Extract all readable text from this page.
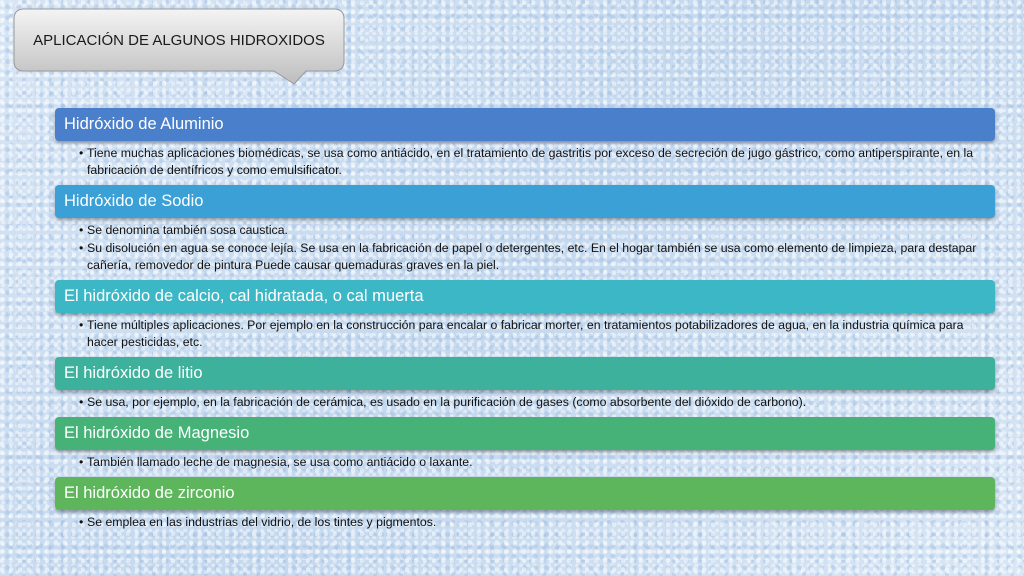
APLICACIÓN DE ALGUNOS HIDROXIDOS
Hidróxido de Aluminio
• Tiene muchas aplicaciones biomédicas, se usa como antiácido, en el tratamiento de gastritis por exceso de secreción de jugo gástrico, como antiperspirante, en la fabricación de dentífricos y como emulsificator.
Hidróxido de Sodio
• Se denomina también sosa caustica.
• Su disolución en agua se conoce lejía. Se usa en la fabricación de papel o detergentes, etc. En el hogar también se usa como elemento de limpieza, para destapar cañería, removedor de pintura Puede causar quemaduras graves en la piel.
El hidróxido de calcio, cal hidratada, o cal muerta
• Tiene múltiples aplicaciones. Por ejemplo en la construcción para encalar o fabricar morter, en tratamientos potabilizadores de agua, en la industria química para hacer pesticidas, etc.
El hidróxido de litio
• Se usa, por ejemplo, en la fabricación de cerámica, es usado en la purificación de gases (como absorbente del dióxido de carbono).
El hidróxido de Magnesio
• También llamado leche de magnesia, se usa como antiácido o laxante.
El hidróxido de zirconio
• Se emplea en las industrias del vidrio, de los tintes y pigmentos.
